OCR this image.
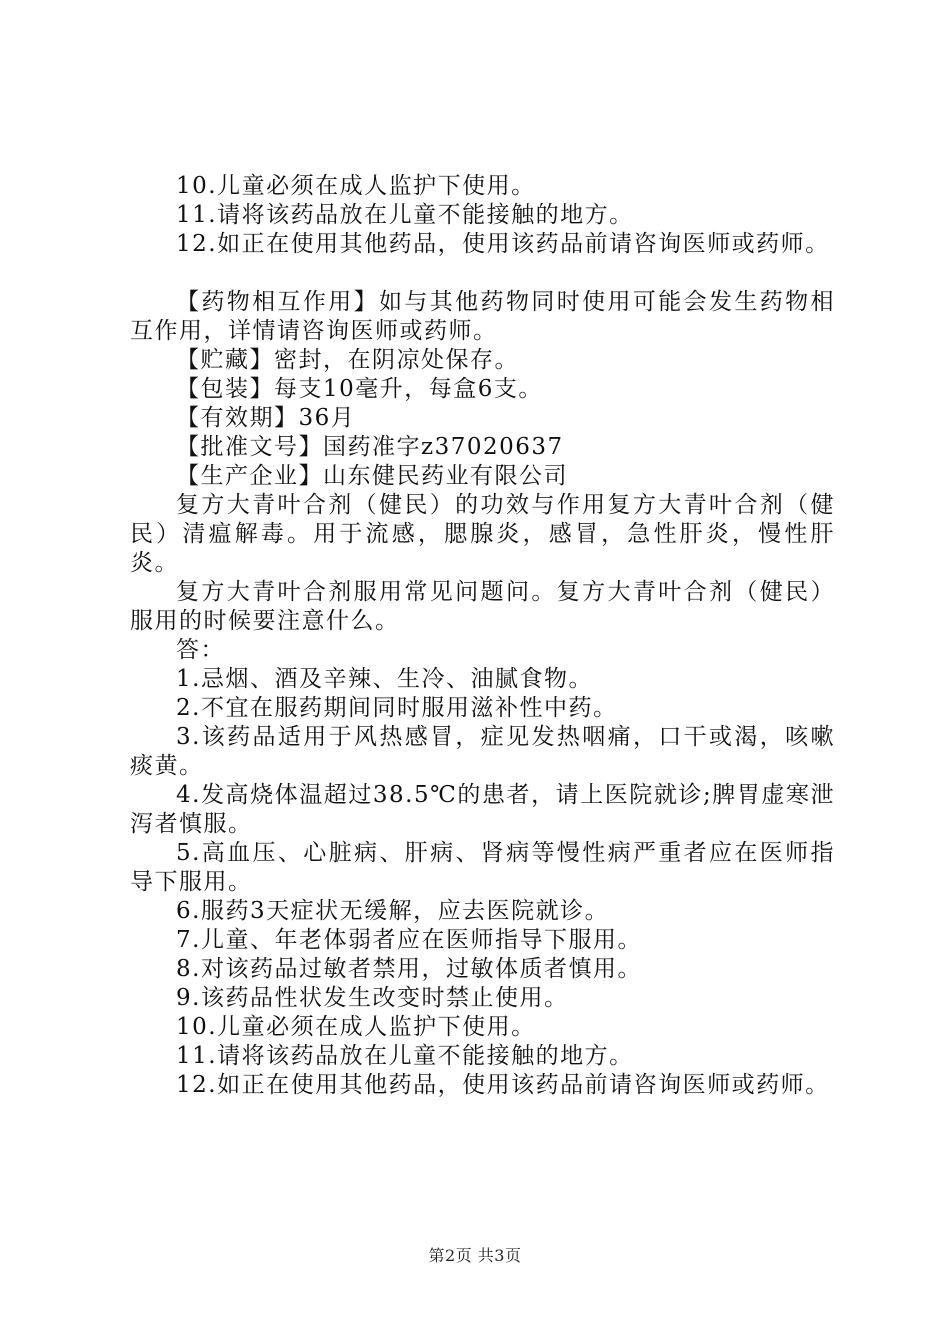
10.儿童必须在成人监护下使用。

11.请将该药品放在儿童不能接触的地方。

12.如正在使用其他药品，使用该药品前请咨询医师或药师。

【药物相互作用】如与其他药物同时使用可能会发生药物相互作用，详情请咨询医师或药师。

【贮藏】密封，在阴凉处保存。

【包装】每支10毫升，每盒6支。

【有效期】36月

【批准文号】国药准字z37020637

【生产企业】山东健民药业有限公司

复方大青叶合剂（健民）的功效与作用复方大青叶合剂（健民）清瘟解毒。用于流感，腮腺炎，感冒，急性肝炎，慢性肝炎。

复方大青叶合剂服用常见问题问。复方大青叶合剂（健民）服用的时候要注意什么。

答：

1.忌烟、酒及辛辣、生冷、油腻食物。

2.不宜在服药期间同时服用滋补性中药。

3.该药品适用于风热感冒，症见发热咽痛，口干或渴，咳嗽痰黄。

4.发高烧体温超过38.5℃的患者，请上医院就诊;脾胃虚寒泄泻者慎服。

5.高血压、心脏病、肝病、肾病等慢性病严重者应在医师指导下服用。

6.服药3天症状无缓解，应去医院就诊。

7.儿童、年老体弱者应在医师指导下服用。

8.对该药品过敏者禁用，过敏体质者慎用。

9.该药品性状发生改变时禁止使用。

10.儿童必须在成人监护下使用。

11.请将该药品放在儿童不能接触的地方。

12.如正在使用其他药品，使用该药品前请咨询医师或药师。

第2页 共3页
